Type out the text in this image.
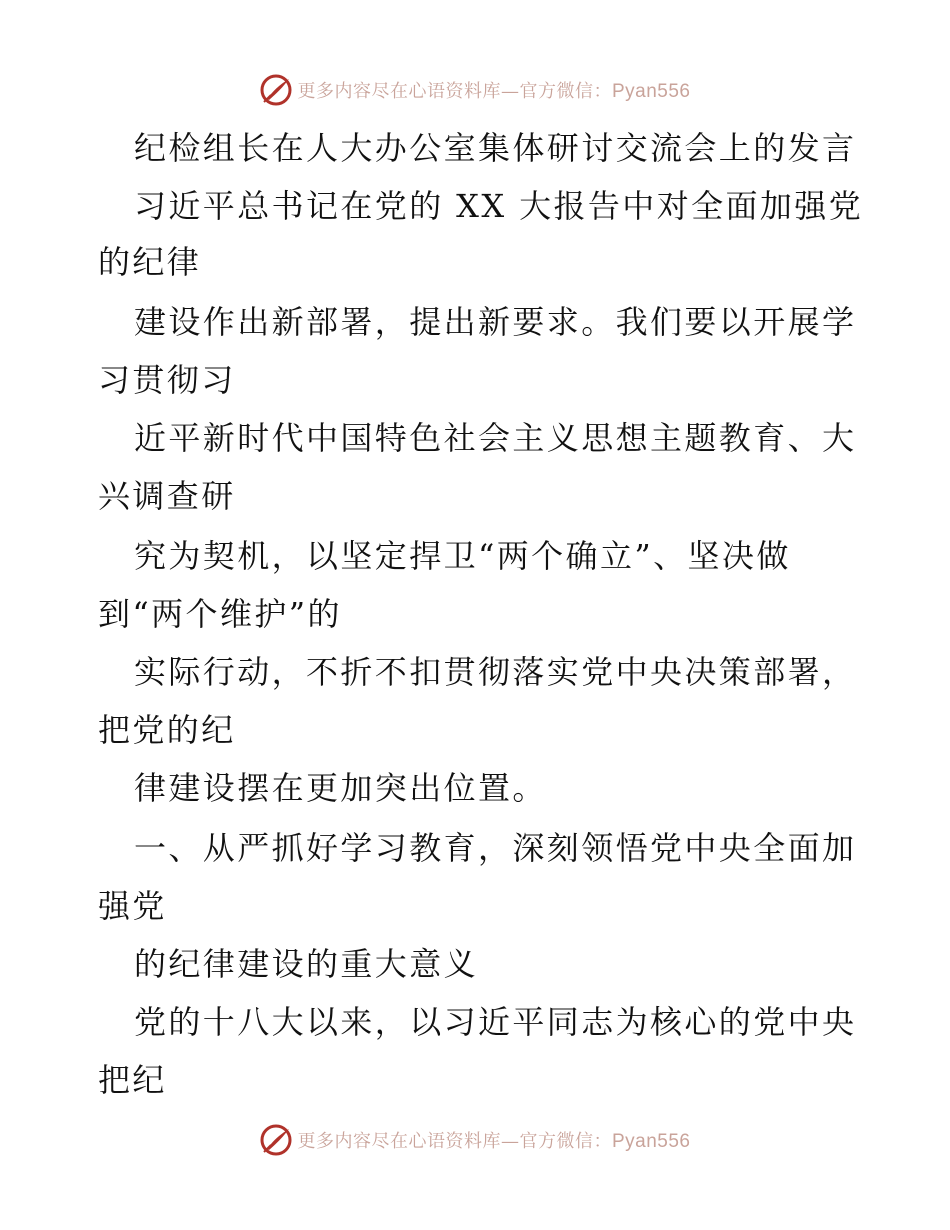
更多内容尽在心语资料库—官方微信：Pyan556
纪检组长在人大办公室集体研讨交流会上的发言
习近平总书记在党的 XX 大报告中对全面加强党
的纪律
建设作出新部署，提出新要求。我们要以开展学
习贯彻习
近平新时代中国特色社会主义思想主题教育、大
兴调查研
究为契机，以坚定捍卫“两个确立”、坚决做
到“两个维护”的
实际行动，不折不扣贯彻落实党中央决策部署，
把党的纪
律建设摆在更加突出位置。
一、从严抓好学习教育，深刻领悟党中央全面加
强党
的纪律建设的重大意义
党的十八大以来，以习近平同志为核心的党中央
把纪
更多内容尽在心语资料库—官方微信：Pyan556
